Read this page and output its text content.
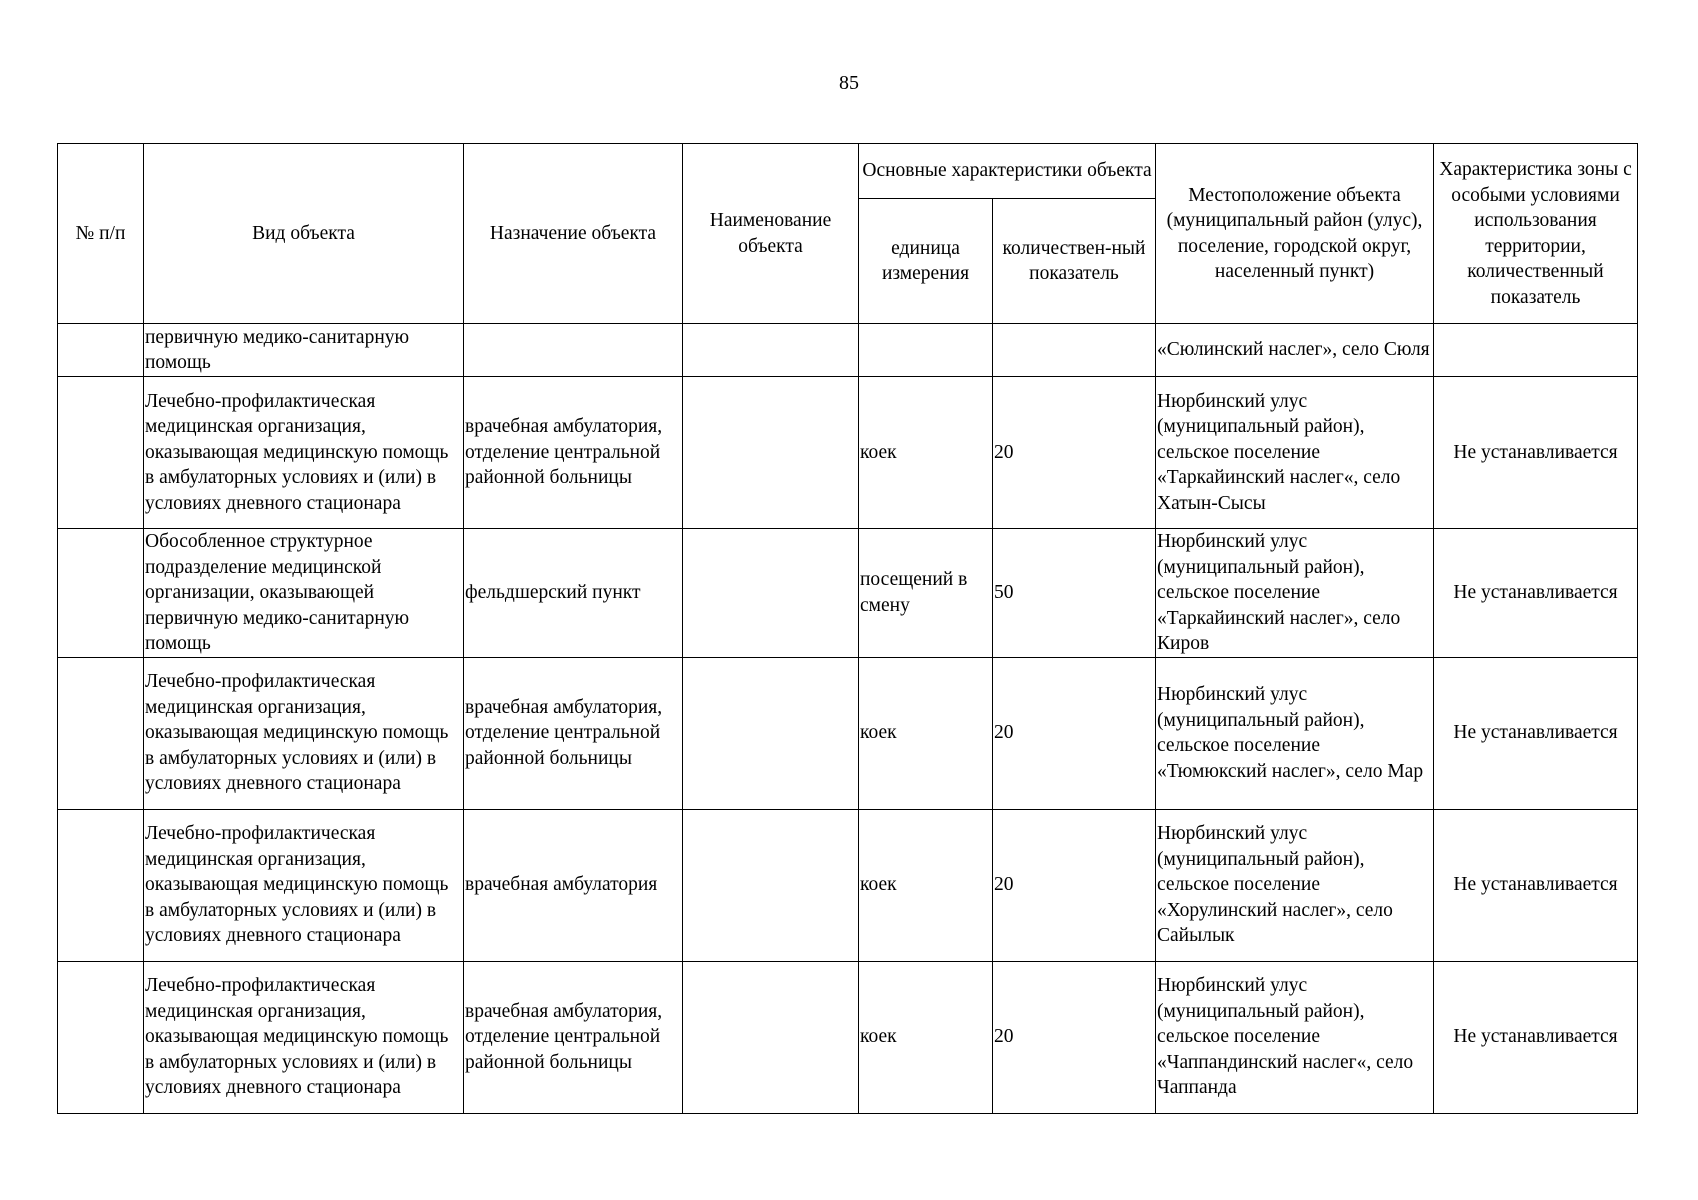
85
№ п/п	Вид объекта	Назначение объекта	Наименование объекта	Основные характеристики объекта		Местоположение объекта (муниципальный район (улус), поселение, городской округ, населенный пункт)	Характеристика зоны с особыми условиями использования территории, количественный показатель
				единица измерения	количествен-ный показатель		
	первичную медико-санитарную помощь					«Сюлинский наслег», село Сюля	
	Лечебно-профилактическая медицинская организация, оказывающая медицинскую помощь в амбулаторных условиях и (или) в условиях дневного стационара	врачебная амбулатория, отделение центральной районной больницы		коек	20	Нюрбинский улус (муниципальный район), сельское поселение «Таркайинский наслег«, село Хатын-Сысы	Не устанавливается
	Обособленное структурное подразделение медицинской организации, оказывающей первичную медико-санитарную помощь	фельдшерский пункт		посещений в смену	50	Нюрбинский улус (муниципальный район), сельское поселение «Таркайинский наслег», село Киров	Не устанавливается
	Лечебно-профилактическая медицинская организация, оказывающая медицинскую помощь в амбулаторных условиях и (или) в условиях дневного стационара	врачебная амбулатория, отделение центральной районной больницы		коек	20	Нюрбинский улус (муниципальный район), сельское поселение «Тюмюкский наслег», село Мар	Не устанавливается
	Лечебно-профилактическая медицинская организация, оказывающая медицинскую помощь в амбулаторных условиях и (или) в условиях дневного стационара	врачебная амбулатория		коек	20	Нюрбинский улус (муниципальный район), сельское поселение «Хорулинский наслег», село Сайылык	Не устанавливается
	Лечебно-профилактическая медицинская организация, оказывающая медицинскую помощь в амбулаторных условиях и (или) в условиях дневного стационара	врачебная амбулатория, отделение центральной районной больницы		коек	20	Нюрбинский улус (муниципальный район), сельское поселение «Чаппандинский наслег«, село Чаппанда	Не устанавливается
